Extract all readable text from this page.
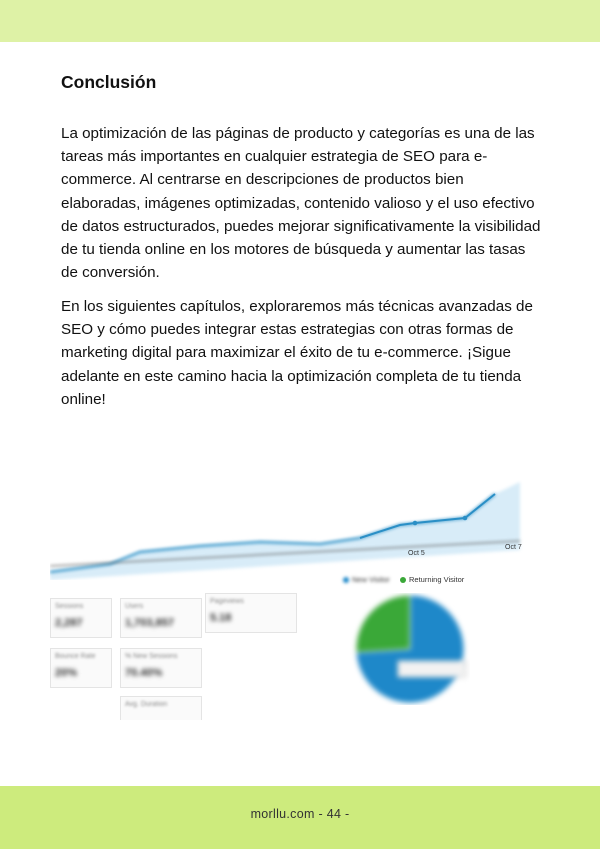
Conclusión

La optimización de las páginas de producto y categorías es una de las tareas más importantes en cualquier estrategia de SEO para e-commerce. Al centrarse en descripciones de productos bien elaboradas, imágenes optimizadas, contenido valioso y el uso efectivo de datos estructurados, puedes mejorar significativamente la visibilidad de tu tienda online en los motores de búsqueda y aumentar las tasas de conversión.

En los siguientes capítulos, exploraremos más técnicas avanzadas de SEO y cómo puedes integrar estas estrategias con otras formas de marketing digital para maximizar el éxito de tu e-commerce. ¡Sigue adelante en este camino hacia la optimización completa de tu tienda online!

Oct 5
Oct 7
New Visitor	Returning Visitor
Sessions
2,287
Users
1,703,857
Pageviews
5.18
Bounce Rate
20%
% New Sessions
70.40%
Avg. Duration
morllu.com - 44 -
